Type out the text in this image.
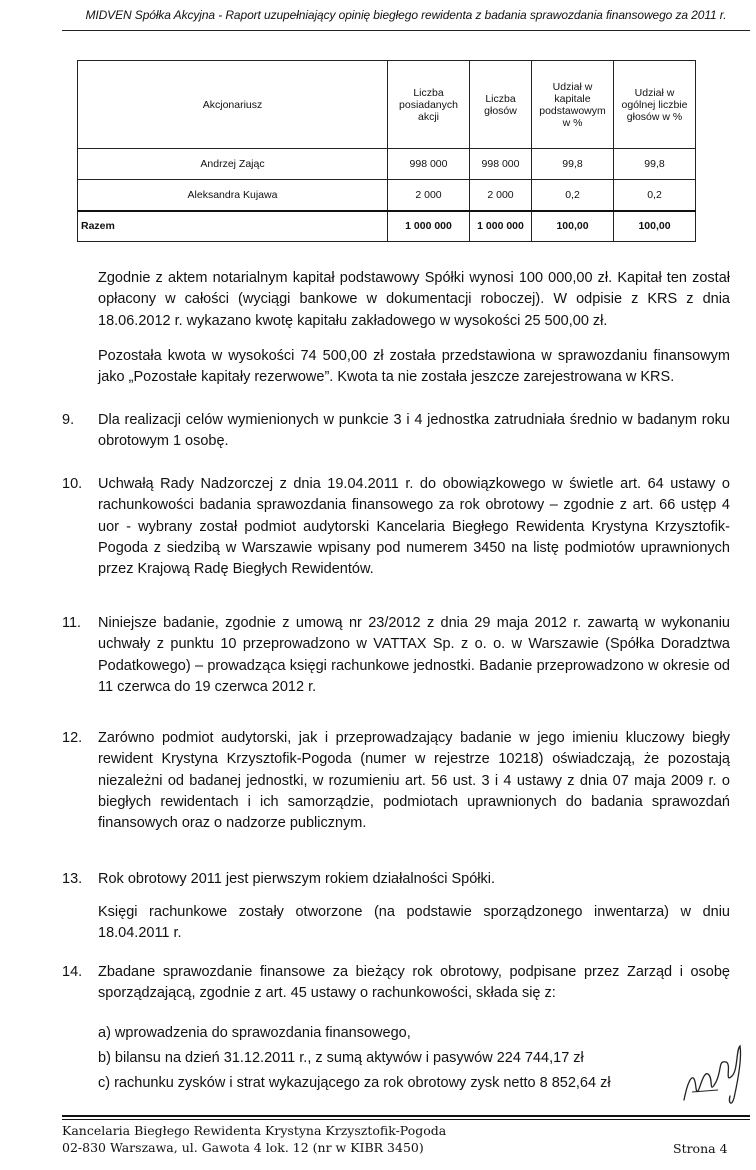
MIDVEN Spółka Akcyjna - Raport uzupełniający opinię biegłego rewidenta z badania sprawozdania finansowego za 2011 r.
Akcjonariusz	Liczba posiadanych akcji	Liczba głosów	Udział w kapitale podstawowym w %	Udział w ogólnej liczbie głosów w %
Andrzej Zając	998 000	998 000	99,8	99,8
Aleksandra Kujawa	2 000	2 000	0,2	0,2
Razem	1 000 000	1 000 000	100,00	100,00
Zgodnie z aktem notarialnym kapitał podstawowy Spółki wynosi 100 000,00 zł. Kapitał ten został opłacony w całości (wyciągi bankowe w dokumentacji roboczej). W odpisie z KRS z dnia 18.06.2012 r. wykazano kwotę kapitału zakładowego w wysokości 25 500,00 zł.
Pozostała kwota w wysokości 74 500,00 zł została przedstawiona w sprawozdaniu finansowym jako „Pozostałe kapitały rezerwowe”. Kwota ta nie została jeszcze zarejestrowana w KRS.
9.	Dla realizacji celów wymienionych w punkcie 3 i 4 jednostka zatrudniała średnio w badanym roku obrotowym 1 osobę.
10.	Uchwałą Rady Nadzorczej z dnia 19.04.2011 r. do obowiązkowego w świetle art. 64 ustawy o rachunkowości badania sprawozdania finansowego za rok obrotowy – zgodnie z art. 66 ustęp 4 uor - wybrany został podmiot audytorski Kancelaria Biegłego Rewidenta Krystyna Krzysztofik-Pogoda z siedzibą w Warszawie wpisany pod numerem 3450 na listę podmiotów uprawnionych przez Krajową Radę Biegłych Rewidentów.
11.	Niniejsze badanie, zgodnie z umową nr 23/2012 z dnia 29 maja 2012 r. zawartą w wykonaniu uchwały z punktu 10 przeprowadzono w VATTAX Sp. z o. o. w Warszawie (Spółka Doradztwa Podatkowego) – prowadząca księgi rachunkowe jednostki. Badanie przeprowadzono w okresie od 11 czerwca do 19 czerwca 2012 r.
12.	Zarówno podmiot audytorski, jak i przeprowadzający badanie w jego imieniu kluczowy biegły rewident Krystyna Krzysztofik-Pogoda (numer w rejestrze 10218) oświadczają, że pozostają niezależni od badanej jednostki, w rozumieniu art. 56 ust. 3 i 4 ustawy z dnia 07 maja 2009 r. o biegłych rewidentach i ich samorządzie, podmiotach uprawnionych do badania sprawozdań finansowych oraz o nadzorze publicznym.
13.	Rok obrotowy 2011 jest pierwszym rokiem działalności Spółki.
Księgi rachunkowe zostały otworzone (na podstawie sporządzonego inwentarza) w dniu 18.04.2011 r.
14.	Zbadane sprawozdanie finansowe za bieżący rok obrotowy, podpisane przez Zarząd i osobę sporządzającą, zgodnie z art. 45 ustawy o rachunkowości, składa się z:
a) wprowadzenia do sprawozdania finansowego,
b) bilansu na dzień 31.12.2011 r., z sumą aktywów i pasywów 224 744,17 zł
c) rachunku zysków i strat wykazującego za rok obrotowy zysk netto 8 852,64 zł
Kancelaria Biegłego Rewidenta Krystyna Krzysztofik-Pogoda
02-830 Warszawa, ul. Gawota 4 lok. 12 (nr w KIBR 3450)	Strona 4
